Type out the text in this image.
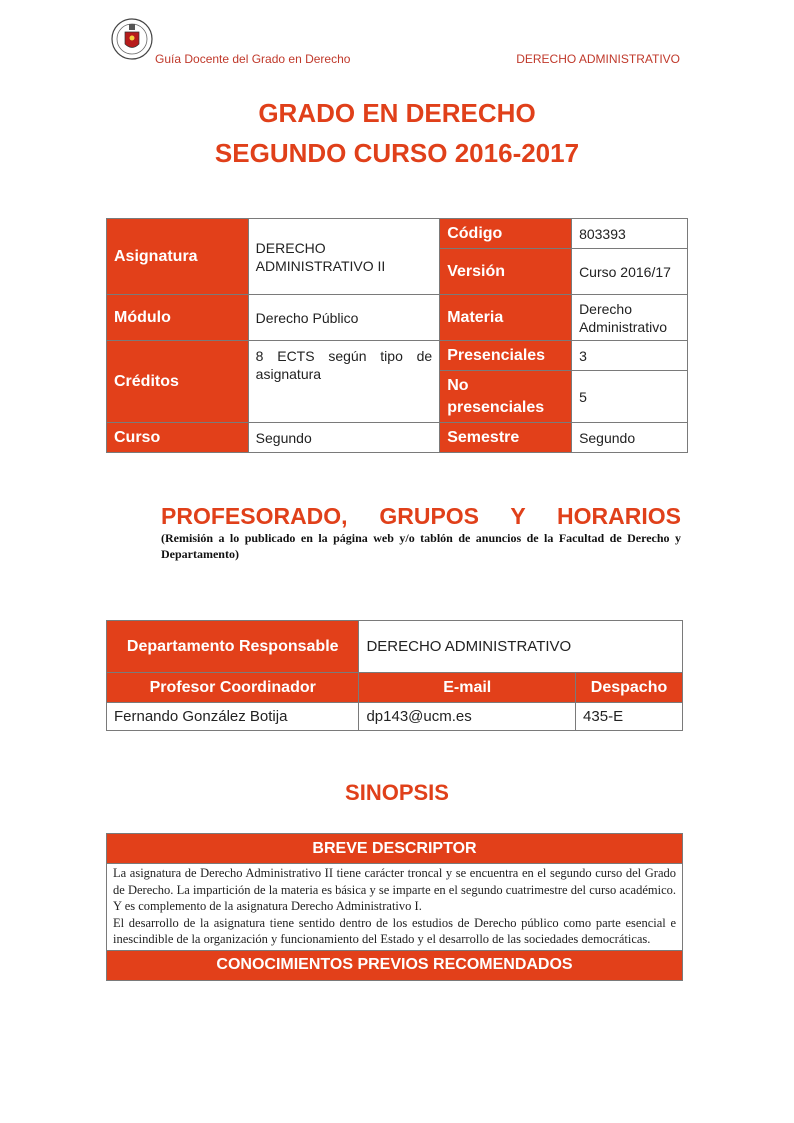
Guía Docente del Grado en Derecho	DERECHO ADMINISTRATIVO
GRADO EN DERECHO
SEGUNDO CURSO 2016-2017
Asignatura	DERECHO ADMINISTRATIVO II	Código	803393
		Versión	Curso 2016/17
Módulo	Derecho Público	Materia	Derecho Administrativo
Créditos	8 ECTS según tipo de asignatura	Presenciales	3
		No presenciales	5
Curso	Segundo	Semestre	Segundo
PROFESORADO, GRUPOS Y HORARIOS
(Remisión a lo publicado en la página web y/o tablón de anuncios de la Facultad de Derecho y Departamento)
Departamento Responsable	DERECHO ADMINISTRATIVO	
Profesor Coordinador	E-mail	Despacho
Fernando González Botija	dp143@ucm.es	435-E
SINOPSIS
BREVE DESCRIPTOR

La asignatura de Derecho Administrativo II tiene carácter troncal y se encuentra en el segundo curso del Grado de Derecho. La impartición de la materia es básica y se imparte en el segundo cuatrimestre del curso académico. Y es complemento de la asignatura Derecho Administrativo I.

El desarrollo de la asignatura tiene sentido dentro de los estudios de Derecho público como parte esencial e inescindible de la organización y funcionamiento del Estado y el desarrollo de las sociedades democráticas.

CONOCIMIENTOS PREVIOS RECOMENDADOS
